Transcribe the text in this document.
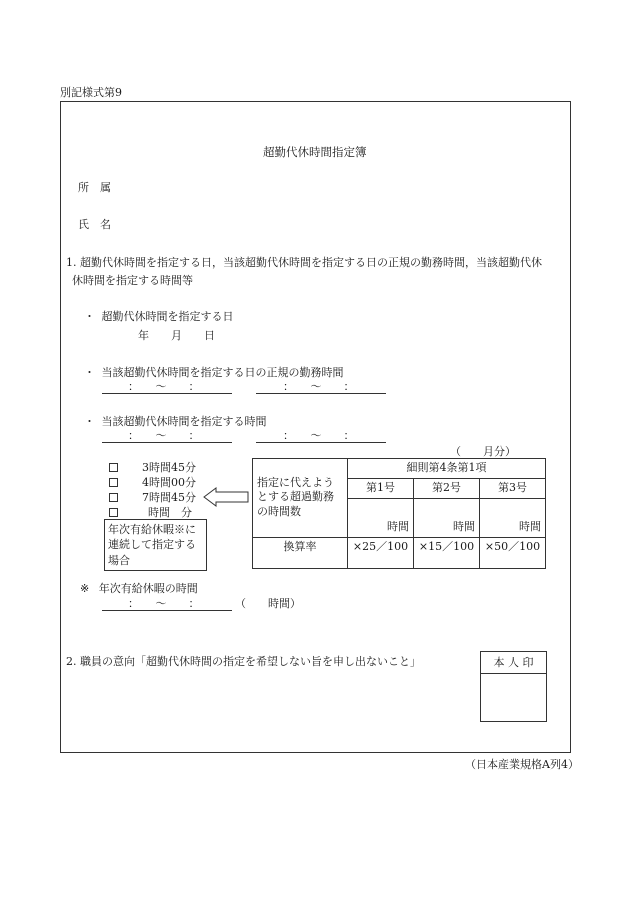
別記様式第9
超勤代休時間指定簿
所　属
氏　名
1. 超勤代休時間を指定する日，当該超勤代休時間を指定する日の正規の勤務時間，当該超勤代休
休時間を指定する時間等
・ 超勤代休時間を指定する日
年　　月　　日
・ 当該超勤代休時間を指定する日の正規の勤務時間
：　　～　　：	：　　～　　：
・ 当該超勤代休時間を指定する時間
：　　～　　：	：　　～　　：
（　　月分）
3時間45分
4時間00分
7時間45分
時間　分
年次有給休暇※に
連続して指定する
場合
指定に代えよう
とする超過勤務
の時間数	細則第4条第1項		
	第1号	第2号	第3号
	時間	時間	時間
換算率	×25／100	×15／100	×50／100
※ 年次有給休暇の時間
：　　～　　：	（　　時間）
2. 職員の意向「超勤代休時間の指定を希望しない旨を申し出ないこと」	本 人 印
（日本産業規格A列4）
